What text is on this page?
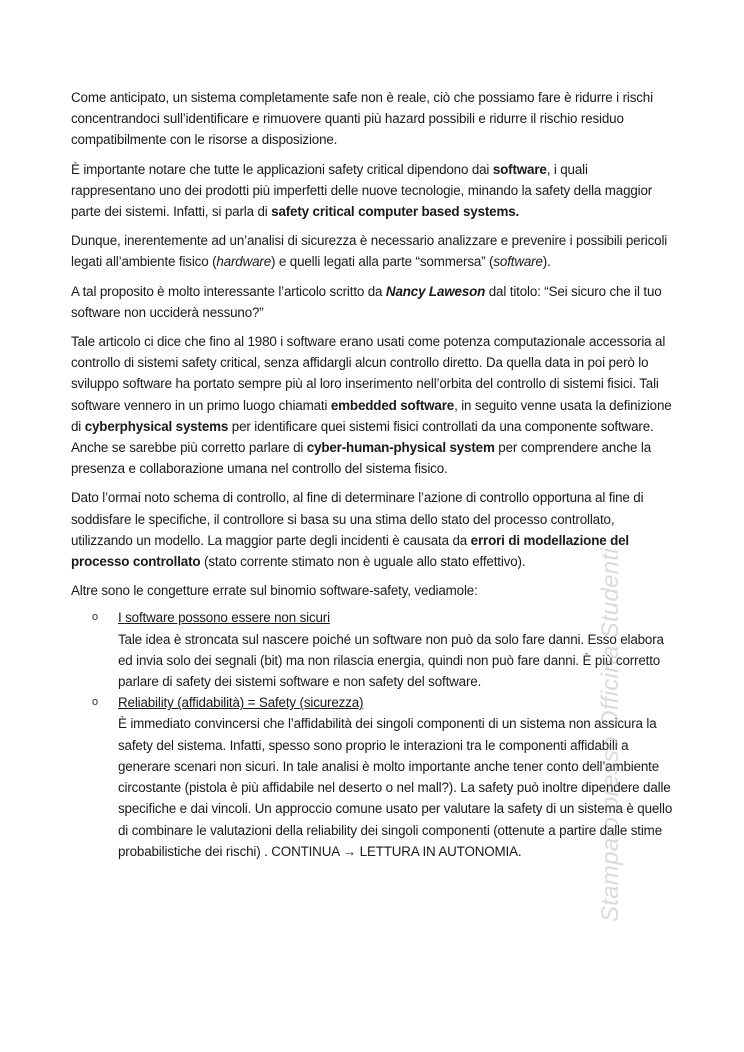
Come anticipato, un sistema completamente safe non è reale, ciò che possiamo fare è ridurre i rischi concentrandoci sull’identificare e rimuovere quanti più hazard possibili e ridurre il rischio residuo compatibilmente con le risorse a disposizione.

È importante notare che tutte le applicazioni safety critical dipendono dai software, i quali rappresentano uno dei prodotti più imperfetti delle nuove tecnologie, minando la safety della maggior parte dei sistemi. Infatti, si parla di safety critical computer based systems.

Dunque, inerentemente ad un’analisi di sicurezza è necessario analizzare e prevenire i possibili pericoli legati all’ambiente fisico (hardware) e quelli legati alla parte “sommersa” (software).

A tal proposito è molto interessante l’articolo scritto da Nancy Laweson dal titolo: “Sei sicuro che il tuo software non ucciderà nessuno?”

Tale articolo ci dice che fino al 1980 i software erano usati come potenza computazionale accessoria al controllo di sistemi safety critical, senza affidargli alcun controllo diretto. Da quella data in poi però lo sviluppo software ha portato sempre più al loro inserimento nell’orbita del controllo di sistemi fisici. Tali software vennero in un primo luogo chiamati embedded software, in seguito venne usata la definizione di cyberphysical systems per identificare quei sistemi fisici controllati da una componente software. Anche se sarebbe più corretto parlare di cyber-human-physical system per comprendere anche la presenza e collaborazione umana nel controllo del sistema fisico.

Dato l’ormai noto schema di controllo, al fine di determinare l’azione di controllo opportuna al fine di soddisfare le specifiche, il controllore si basa su una stima dello stato del processo controllato, utilizzando un modello. La maggior parte degli incidenti è causata da errori di modellazione del processo controllato (stato corrente stimato non è uguale allo stato effettivo).

Altre sono le congetture errate sul binomio software-safety, vediamole:

o I software possono essere non sicuri
Tale idea è stroncata sul nascere poiché un software non può da solo fare danni. Esso elabora ed invia solo dei segnali (bit) ma non rilascia energia, quindi non può fare danni. È più corretto parlare di safety dei sistemi software e non safety del software.
o Reliability (affidabilità) = Safety (sicurezza)
È immediato convincersi che l’affidabilità dei singoli componenti di un sistema non assicura la safety del sistema. Infatti, spesso sono proprio le interazioni tra le componenti affidabili a generare scenari non sicuri. In tale analisi è molto importante anche tener conto dell’ambiente circostante (pistola è più affidabile nel deserto o nel mall?). La safety può inoltre dipendere dalle specifiche e dai vincoli. Un approccio comune usato per valutare la safety di un sistema è quello di combinare le valutazioni della reliability dei singoli componenti (ottenute a partire dalle stime probabilistiche dei rischi) . CONTINUA → LETTURA IN AUTONOMIA.	Stampato presso Officina Studenti
